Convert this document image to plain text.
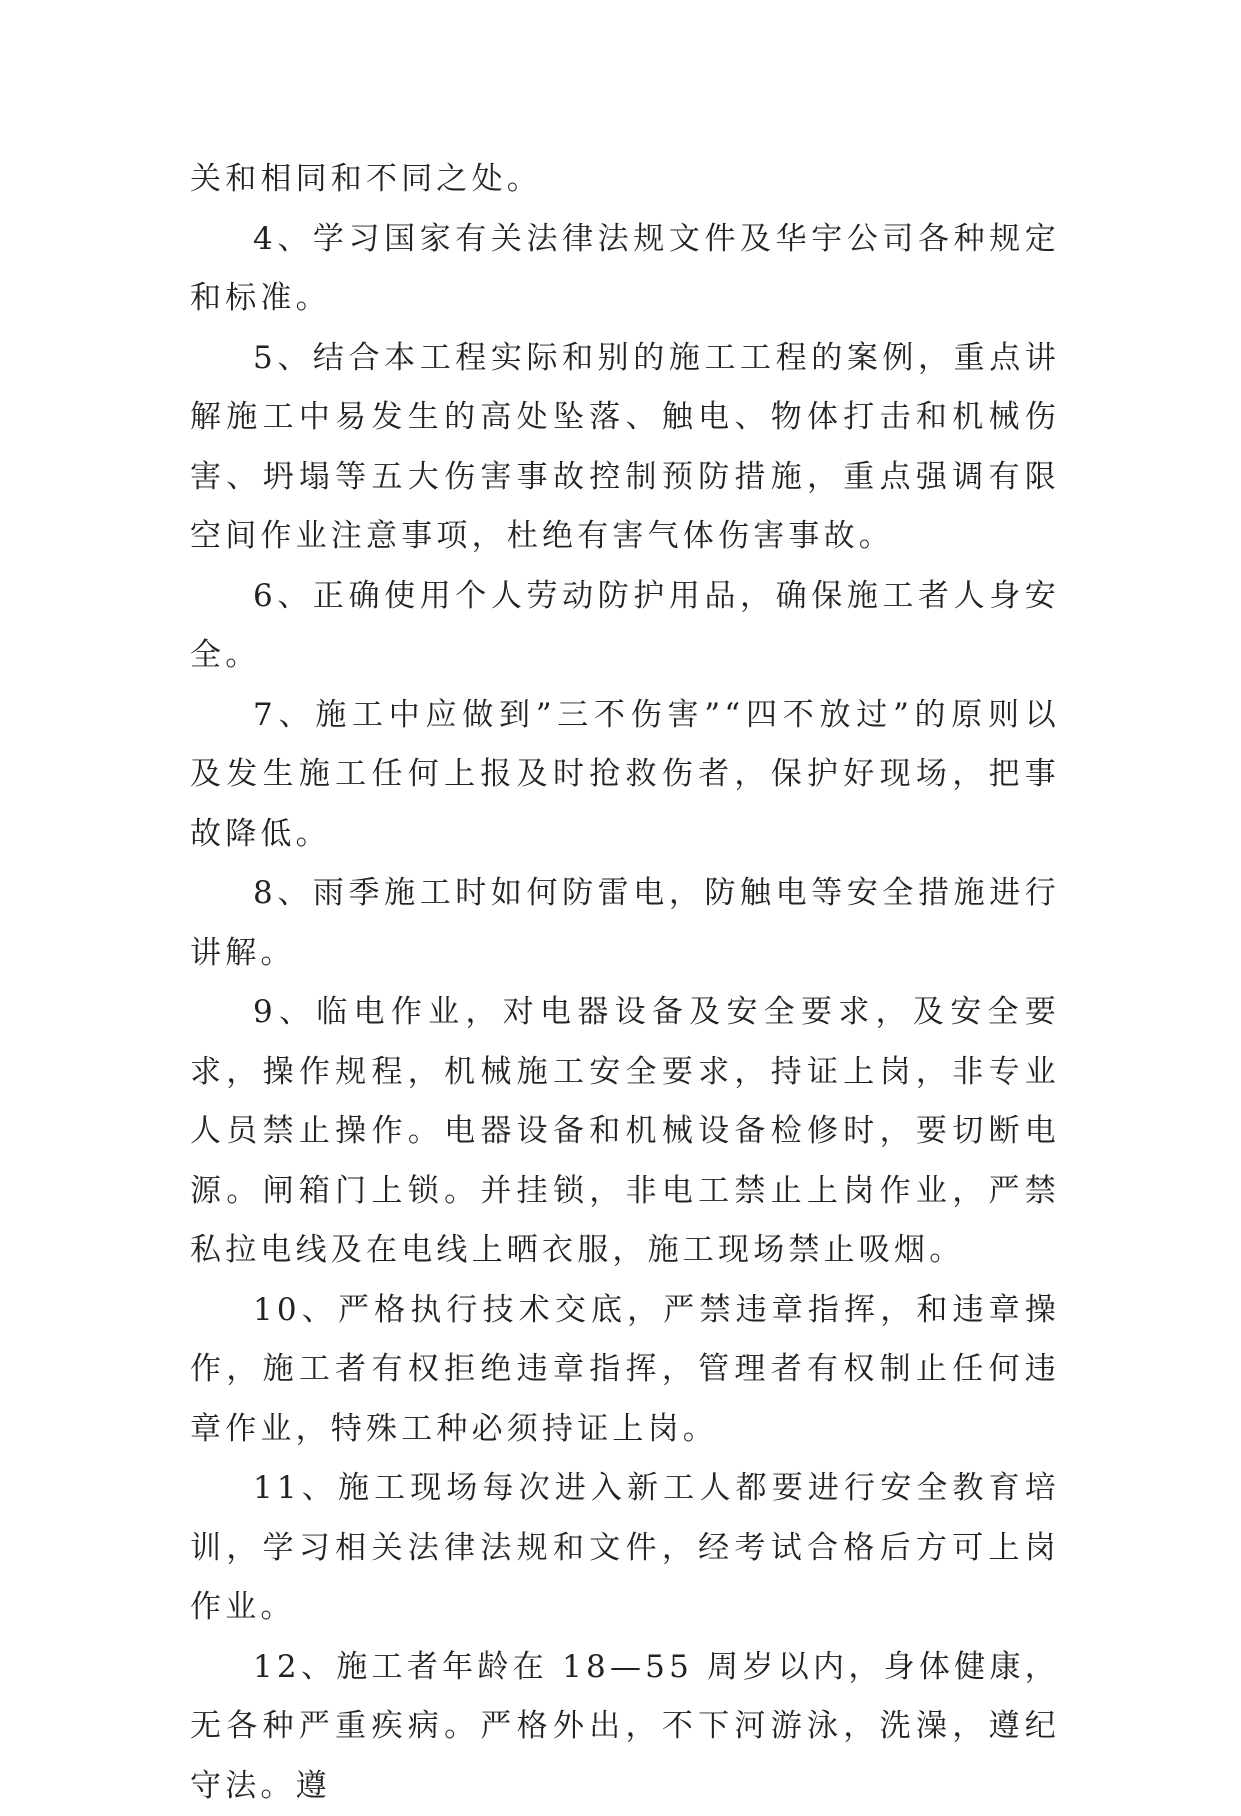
关和相同和不同之处。

4、学习国家有关法律法规文件及华宇公司各种规定和标准。

5、结合本工程实际和别的施工工程的案例，重点讲解施工中易发生的高处坠落、触电、物体打击和机械伤害、坍塌等五大伤害事故控制预防措施，重点强调有限空间作业注意事项，杜绝有害气体伤害事故。

6、正确使用个人劳动防护用品，确保施工者人身安全。

7、施工中应做到”三不伤害”“四不放过”的原则以及发生施工任何上报及时抢救伤者，保护好现场，把事故降低。

8、雨季施工时如何防雷电，防触电等安全措施进行讲解。

9、临电作业，对电器设备及安全要求，及安全要求，操作规程，机械施工安全要求，持证上岗，非专业人员禁止操作。电器设备和机械设备检修时，要切断电源。闸箱门上锁。并挂锁，非电工禁止上岗作业，严禁私拉电线及在电线上晒衣服，施工现场禁止吸烟。

10、严格执行技术交底，严禁违章指挥，和违章操作，施工者有权拒绝违章指挥，管理者有权制止任何违章作业，特殊工种必须持证上岗。

11、施工现场每次进入新工人都要进行安全教育培训，学习相关法律法规和文件，经考试合格后方可上岗作业。

12、施工者年龄在 18—55 周岁以内，身体健康，无各种严重疾病。严格外出，不下河游泳，洗澡，遵纪守法。遵
